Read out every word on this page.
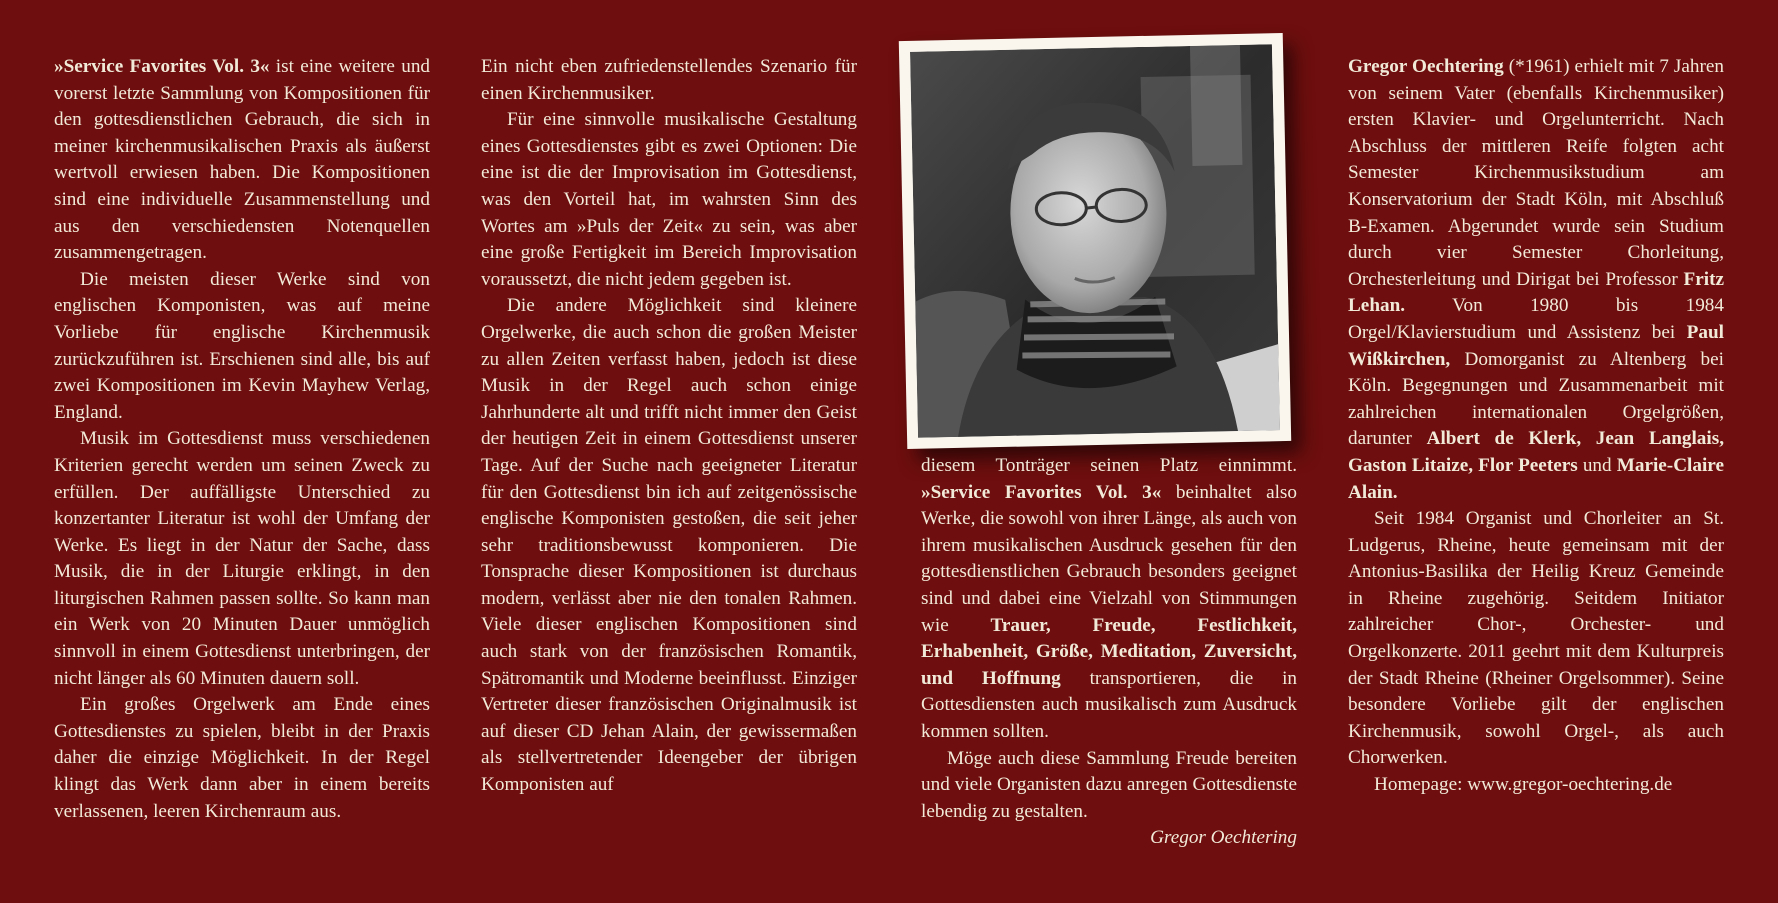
»Service Favorites Vol. 3« ist eine weitere und vorerst letzte Sammlung von Kompositionen für den gottesdienstlichen Gebrauch, die sich in meiner kirchenmusikalischen Praxis als äußerst wertvoll erwiesen haben. Die Kompositionen sind eine individuelle Zusammenstellung und aus den verschiedensten Notenquellen zusammengetragen.

Die meisten dieser Werke sind von englischen Komponisten, was auf meine Vorliebe für englische Kirchenmusik zurückzuführen ist. Erschienen sind alle, bis auf zwei Kompositionen im Kevin Mayhew Verlag, England.

Musik im Gottesdienst muss verschiedenen Kriterien gerecht werden um seinen Zweck zu erfüllen. Der auffälligste Unterschied zu konzertanter Literatur ist wohl der Umfang der Werke. Es liegt in der Natur der Sache, dass Musik, die in der Liturgie erklingt, in den liturgischen Rahmen passen sollte. So kann man ein Werk von 20 Minuten Dauer unmöglich sinnvoll in einem Gottesdienst unterbringen, der nicht länger als 60 Minuten dauern soll.

Ein großes Orgelwerk am Ende eines Gottesdienstes zu spielen, bleibt in der Praxis daher die einzige Möglichkeit. In der Regel klingt das Werk dann aber in einem bereits verlassenen, leeren Kirchenraum aus.

Ein nicht eben zufriedenstellendes Szenario für einen Kirchenmusiker.

Für eine sinnvolle musikalische Gestaltung eines Gottesdienstes gibt es zwei Optionen: Die eine ist die der Improvisation im Gottesdienst, was den Vorteil hat, im wahrsten Sinn des Wortes am »Puls der Zeit« zu sein, was aber eine große Fertigkeit im Bereich Improvisation voraussetzt, die nicht jedem gegeben ist.

Die andere Möglichkeit sind kleinere Orgelwerke, die auch schon die großen Meister zu allen Zeiten verfasst haben, jedoch ist diese Musik in der Regel auch schon einige Jahrhunderte alt und trifft nicht immer den Geist der heutigen Zeit in einem Gottesdienst unserer Tage. Auf der Suche nach geeigneter Literatur für den Gottesdienst bin ich auf zeitgenössische englische Komponisten gestoßen, die seit jeher sehr traditionsbewusst komponieren. Die Tonsprache dieser Kompositionen ist durchaus modern, verlässt aber nie den tonalen Rahmen. Viele dieser englischen Kompositionen sind auch stark von der französischen Romantik, Spätromantik und Moderne beeinflusst. Einziger Vertreter dieser französischen Originalmusik ist auf dieser CD Jehan Alain, der gewissermaßen als stellvertretender Ideengeber der übrigen Komponisten auf

diesem Tonträger seinen Platz einnimmt. »Service Favorites Vol. 3« beinhaltet also Werke, die sowohl von ihrer Länge, als auch von ihrem musikalischen Ausdruck gesehen für den gottesdienstlichen Gebrauch besonders geeignet sind und dabei eine Vielzahl von Stimmungen wie Trauer, Freude, Festlichkeit, Erhabenheit, Größe, Meditation, Zuversicht, und Hoffnung transportieren, die in Gottesdiensten auch musikalisch zum Ausdruck kommen sollten.

Möge auch diese Sammlung Freude bereiten und viele Organisten dazu anregen Gottesdienste lebendig zu gestalten.

Gregor Oechtering

Gregor Oechtering (*1961) erhielt mit 7 Jahren von seinem Vater (ebenfalls Kirchenmusiker) ersten Klavier- und Orgelunterricht. Nach Abschluss der mittleren Reife folgten acht Semester Kirchenmusikstudium am Konservatorium der Stadt Köln, mit Abschluß B-Examen. Abgerundet wurde sein Studium durch vier Semester Chorleitung, Orchesterleitung und Dirigat bei Professor Fritz Lehan. Von 1980 bis 1984 Orgel/Klavierstudium und Assistenz bei Paul Wißkirchen, Domorganist zu Altenberg bei Köln. Begegnungen und Zusammenarbeit mit zahlreichen internationalen Orgelgrößen, darunter Albert de Klerk, Jean Langlais, Gaston Litaize, Flor Peeters und Marie-Claire Alain.

Seit 1984 Organist und Chorleiter an St. Ludgerus, Rheine, heute gemeinsam mit der Antonius-Basilika der Heilig Kreuz Gemeinde in Rheine zugehörig. Seitdem Initiator zahlreicher Chor-, Orchester- und Orgelkonzerte. 2011 geehrt mit dem Kulturpreis der Stadt Rheine (Rheiner Orgelsommer). Seine besondere Vorliebe gilt der englischen Kirchenmusik, sowohl Orgel-, als auch Chorwerken.

Homepage: www.gregor-oechtering.de
